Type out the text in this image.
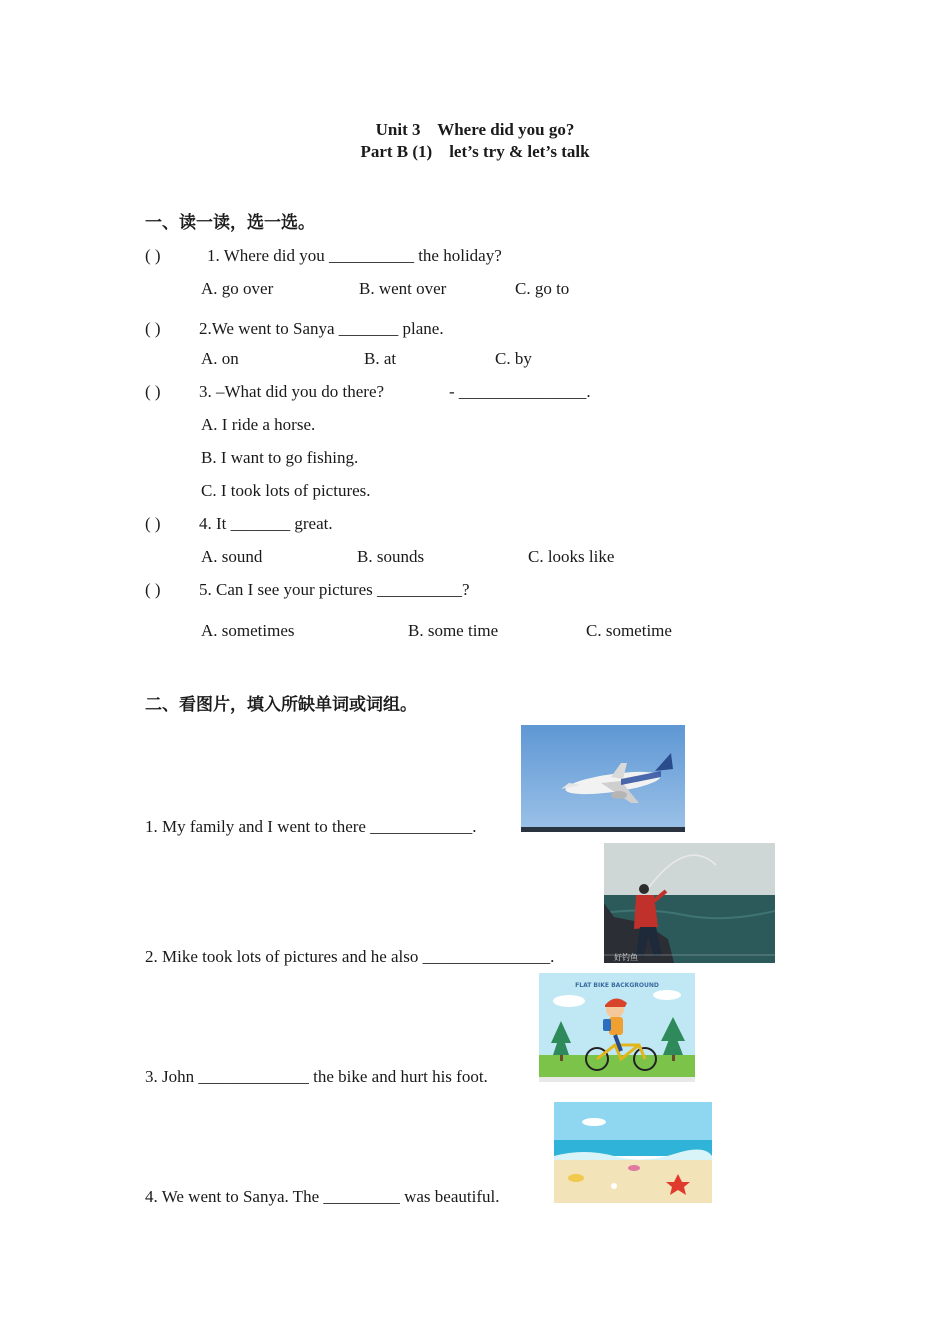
Unit 3    Where did you go?
Part B (1)    let’s try & let’s talk
一、读一读，选一选。
( )	1. Where did you __________ the holiday?
A. go over	B. went over	C. go to
( ) 2.We went to Sanya _______ plane.
A. on	B. at	C. by
( ) 3. –What did you do there?	- _______________.
A. I ride a horse.
B. I want to go fishing.
C. I took lots of pictures.
( ) 4. It _______ great.
A. sound	B. sounds	C. looks like
( ) 5. Can I see your pictures __________?
A. sometimes	B. some time	C. sometime
二、看图片，填入所缺单词或词组。
1. My family and I went to there ____________.
2. Mike took lots of pictures and he also _______________.	好钓鱼
3. John _____________ the bike and hurt his foot.
FLAT BIKE BACKGROUND
4. We went to Sanya. The _________ was beautiful.
